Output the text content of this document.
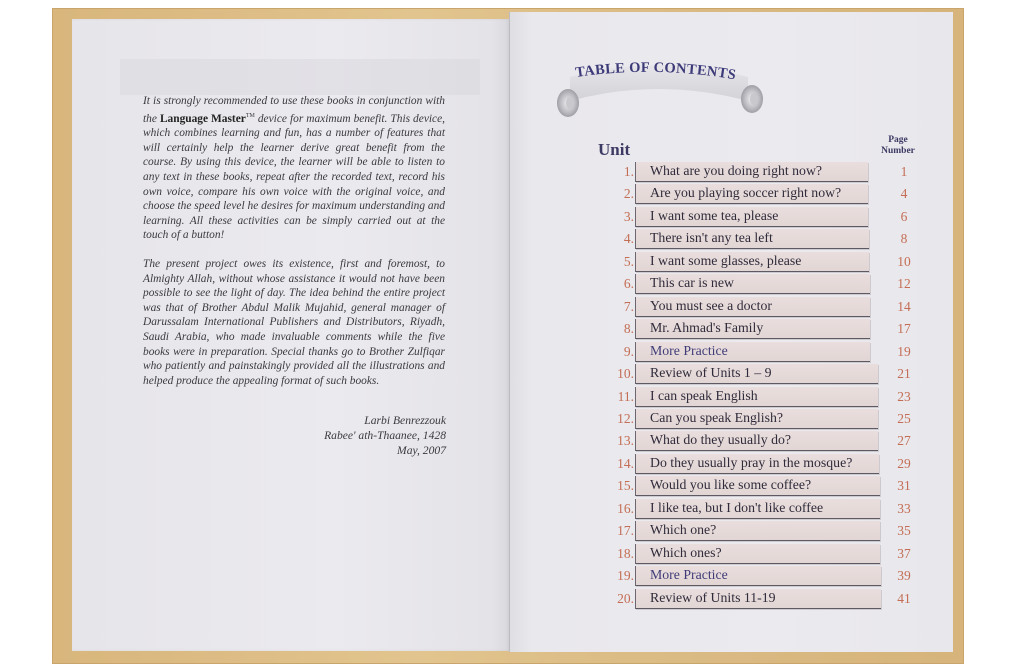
It is strongly recommended to use these books in conjunction with the Language Master™ device for maximum benefit. This device, which combines learning and fun, has a number of features that will certainly help the learner derive great benefit from the course. By using this device, the learner will be able to listen to any text in these books, repeat after the recorded text, record his own voice, compare his own voice with the original voice, and choose the speed level he desires for maximum understanding and learning. All these activities can be simply carried out at the touch of a button!

The present project owes its existence, first and foremost, to Almighty Allah, without whose assistance it would not have been possible to see the light of day. The idea behind the entire project was that of Brother Abdul Malik Mujahid, general manager of Darussalam International Publishers and Distributors, Riyadh, Saudi Arabia, who made invaluable comments while the five books were in preparation. Special thanks go to Brother Zulfiqar who patiently and painstakingly provided all the illustrations and helped produce the appealing format of such books.

Larbi Benrezzouk
Rabee' ath-Thaanee, 1428
May, 2007
TABLE OF CONTENTS
Unit	Page
Number
1. What are you doing right now?	1
2. Are you playing soccer right now?	4
3. I want some tea, please	6
4. There isn't any tea left	8
5. I want some glasses, please	10
6. This car is new	12
7. You must see a doctor	14
8. Mr. Ahmad's Family	17
9. More Practice	19
10. Review of Units 1 – 9	21
11. I can speak English	23
12. Can you speak English?	25
13. What do they usually do?	27
14. Do they usually pray in the mosque?	29
15. Would you like some coffee?	31
16. I like tea, but I don't like coffee	33
17. Which one?	35
18. Which ones?	37
19. More Practice	39
20. Review of Units 11-19	41
